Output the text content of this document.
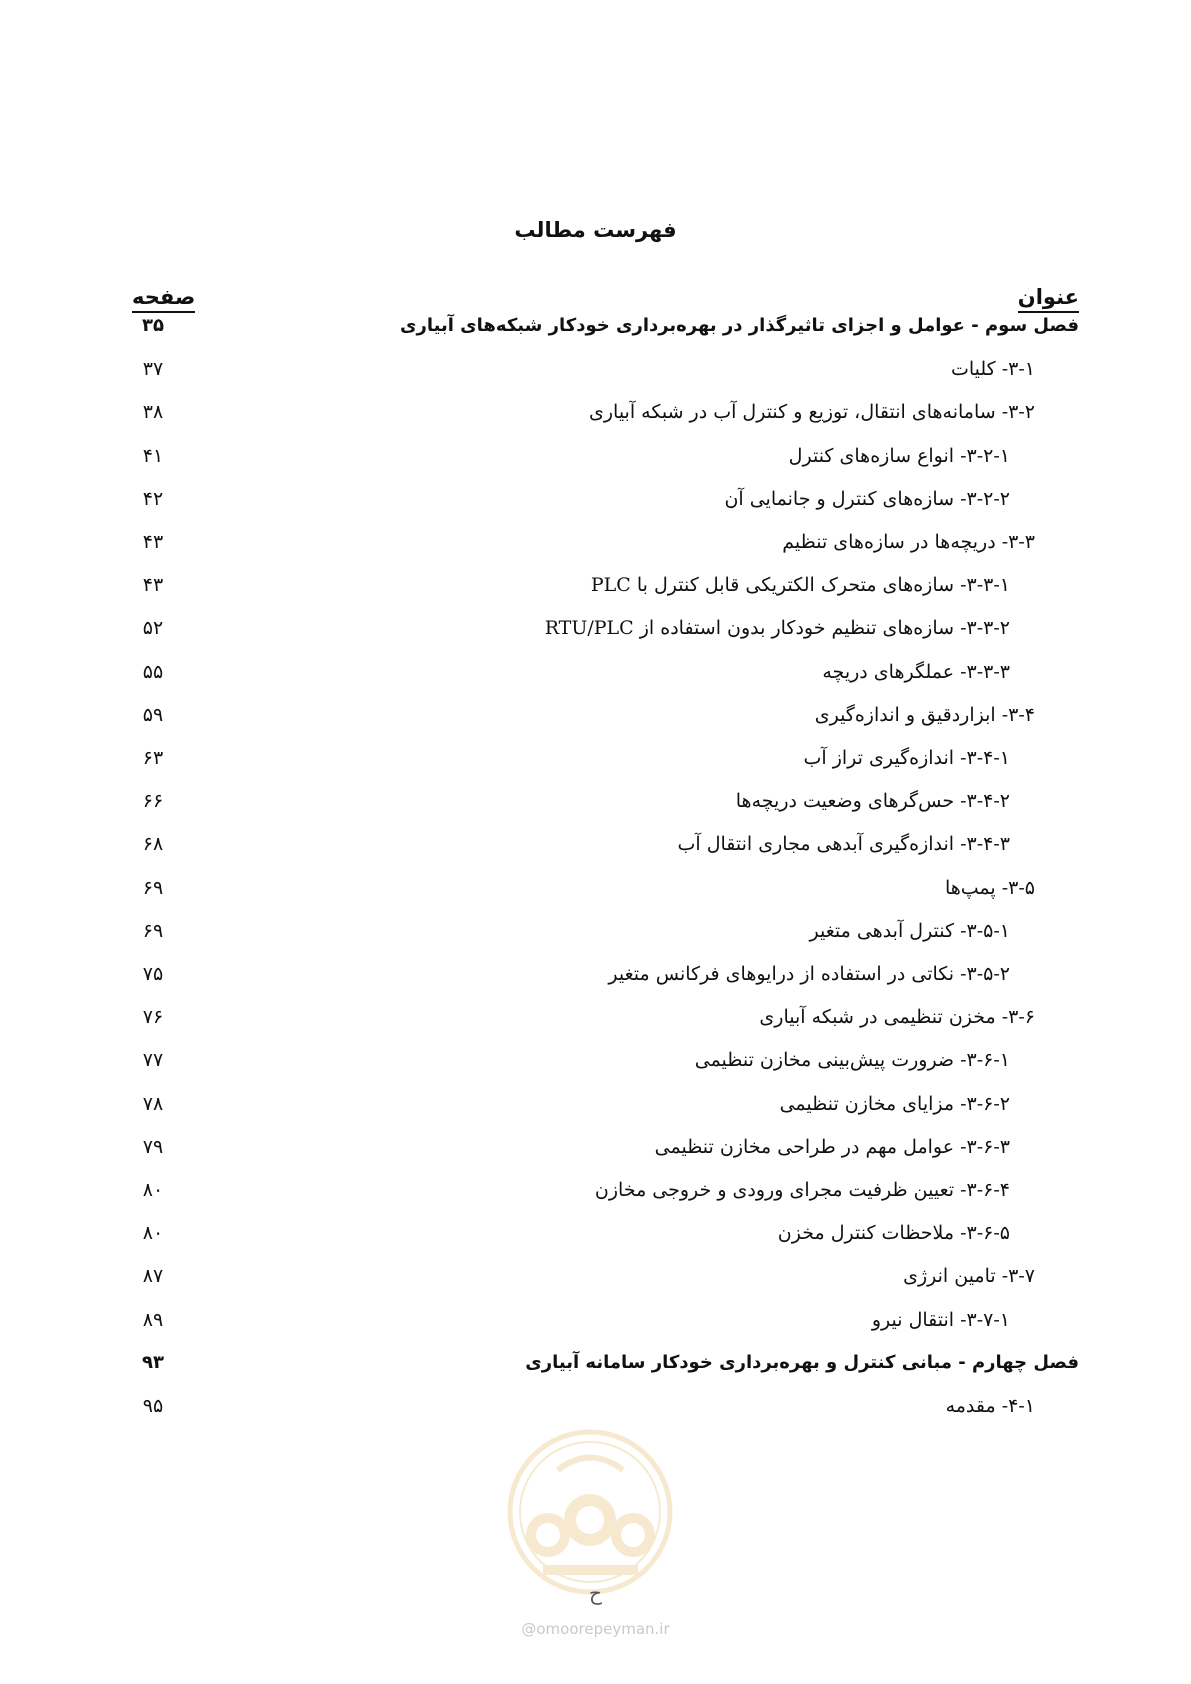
فهرست مطالب
عنوان
صفحه
فصل سوم - عوامل و اجزای تاثیرگذار در بهره‌برداری خودکار شبکه‌های آبیاری
۳۵
۳-۱- کلیات
۳۷
۳-۲- سامانه‌های انتقال، توزیع و کنترل آب در شبکه آبیاری
۳۸
۳-۲-۱- انواع سازه‌های کنترل
۴۱
۳-۲-۲- سازه‌های کنترل و جانمایی آن
۴۲
۳-۳- دریچه‌ها در سازه‌های تنظیم
۴۳
۳-۳-۱- سازه‌های متحرک الکتریکی قابل کنترل با PLC
۴۳
۳-۳-۲- سازه‌های تنظیم خودکار بدون استفاده از RTU/PLC
۵۲
۳-۳-۳- عملگرهای دریچه
۵۵
۳-۴- ابزاردقیق و اندازه‌گیری
۵۹
۳-۴-۱- اندازه‌گیری تراز آب
۶۳
۳-۴-۲- حس‌گرهای وضعیت دریچه‌ها
۶۶
۳-۴-۳- اندازه‌گیری آبدهی مجاری انتقال آب
۶۸
۳-۵- پمپ‌ها
۶۹
۳-۵-۱- کنترل آبدهی متغیر
۶۹
۳-۵-۲- نکاتی در استفاده از درایوهای فرکانس متغیر
۷۵
۳-۶- مخزن تنظیمی در شبکه آبیاری
۷۶
۳-۶-۱- ضرورت پیش‌بینی مخازن تنظیمی
۷۷
۳-۶-۲- مزایای مخازن تنظیمی
۷۸
۳-۶-۳- عوامل مهم در طراحی مخازن تنظیمی
۷۹
۳-۶-۴- تعیین ظرفیت مجرای ورودی و خروجی مخازن
۸۰
۳-۶-۵- ملاحظات کنترل مخزن
۸۰
۳-۷- تامین انرژی
۸۷
۳-۷-۱- انتقال نیرو
۸۹
فصل چهارم - مبانی کنترل و بهره‌برداری خودکار سامانه آبیاری
۹۳
۴-۱- مقدمه
۹۵
ح
@omoorepeyman.ir
